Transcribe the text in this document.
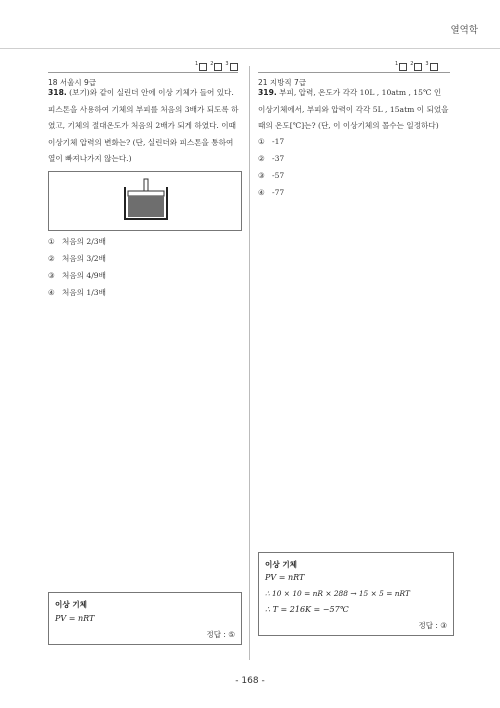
열역학
1 2 3	1 2 3
18 서울시 9급
318. (보기)와 같이 실린더 안에 이상 기체가 들어 있다.
피스톤을 사용하여 기체의 부피를 처음의 3배가 되도록 하
였고, 기체의 절대온도가 처음의 2배가 되게 하였다. 이때
이상기체 압력의 변화는? (단, 실린더와 피스톤을 통하여
열이 빠져나가지 않는다.)
① 처음의 2/3배
② 처음의 3/2배
③ 처음의 4/9배
④ 처음의 1/3배
이상 기체
PV = nRT
정답 : ⑤
21 지방직 7급
319. 부피, 압력, 온도가 각각 10L , 10atm , 15℃ 인
이상기체에서, 부피와 압력이 각각 5L , 15atm 이 되었을
때의 온도[℃]는? (단, 이 이상기체의 몰수는 일정하다)
① -17
② -37
③ -57
④ -77
이상 기체
PV = nRT
∴ 10 × 10 = nR × 288 → 15 × 5 = nRT
∴ T = 216K = −57℃
정답 : ③
- 168 -
